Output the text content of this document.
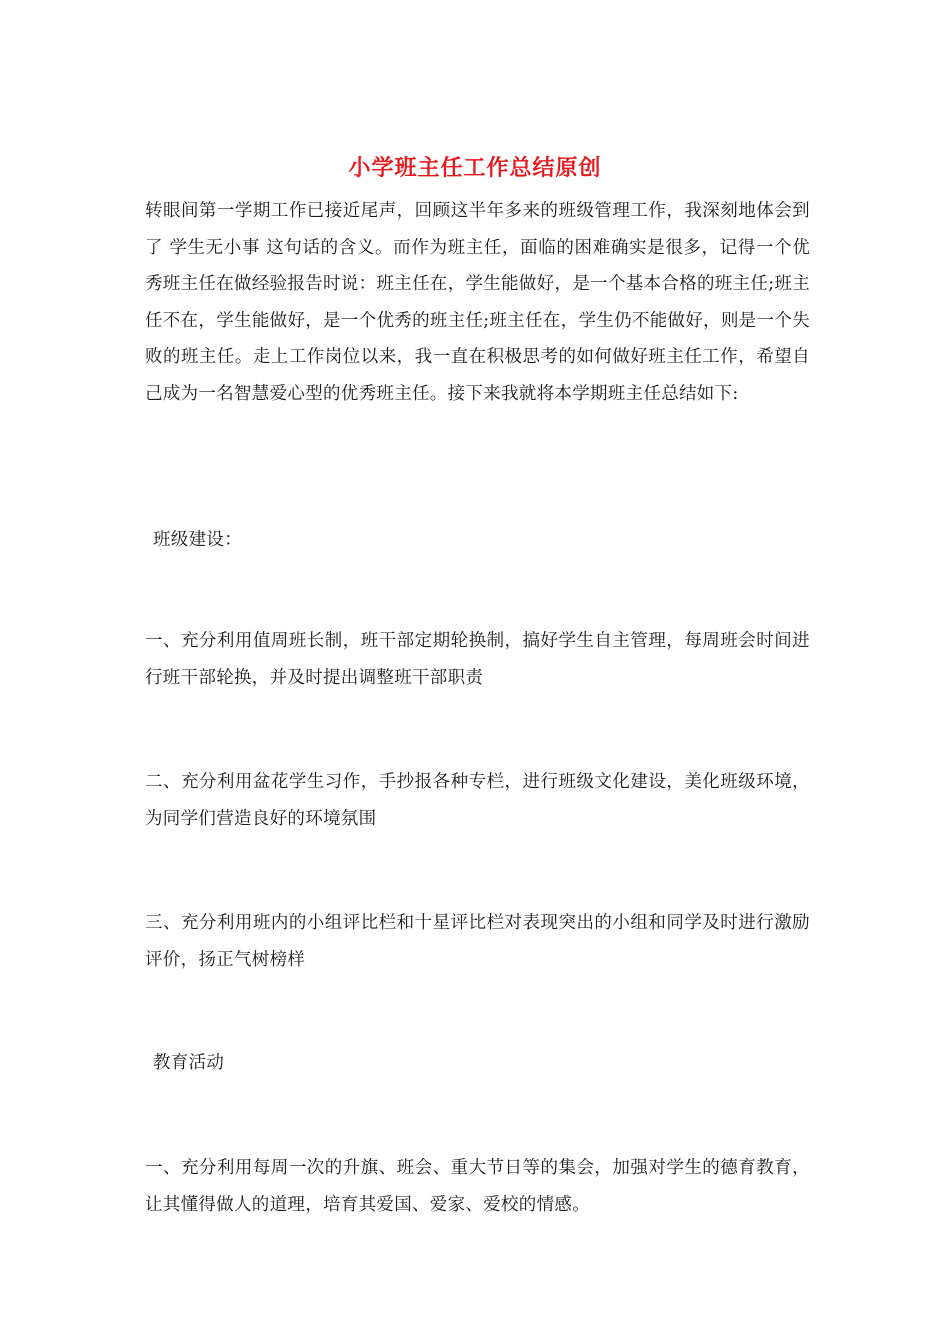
小学班主任工作总结原创

转眼间第一学期工作已接近尾声，回顾这半年多来的班级管理工作，我深刻地体会到了 学生无小事 这句话的含义。而作为班主任，面临的困难确实是很多，记得一个优秀班主任在做经验报告时说：班主任在，学生能做好，是一个基本合格的班主任;班主任不在，学生能做好，是一个优秀的班主任;班主任在，学生仍不能做好，则是一个失败的班主任。走上工作岗位以来，我一直在积极思考的如何做好班主任工作，希望自己成为一名智慧爱心型的优秀班主任。接下来我就将本学期班主任总结如下:

班级建设：

一、充分利用值周班长制，班干部定期轮换制，搞好学生自主管理，每周班会时间进行班干部轮换，并及时提出调整班干部职责

二、充分利用盆花学生习作，手抄报各种专栏，进行班级文化建设，美化班级环境，为同学们营造良好的环境氛围

三、充分利用班内的小组评比栏和十星评比栏对表现突出的小组和同学及时进行激励评价，扬正气树榜样

教育活动

一、充分利用每周一次的升旗、班会、重大节日等的集会，加强对学生的德育教育，让其懂得做人的道理，培育其爱国、爱家、爱校的情感。
